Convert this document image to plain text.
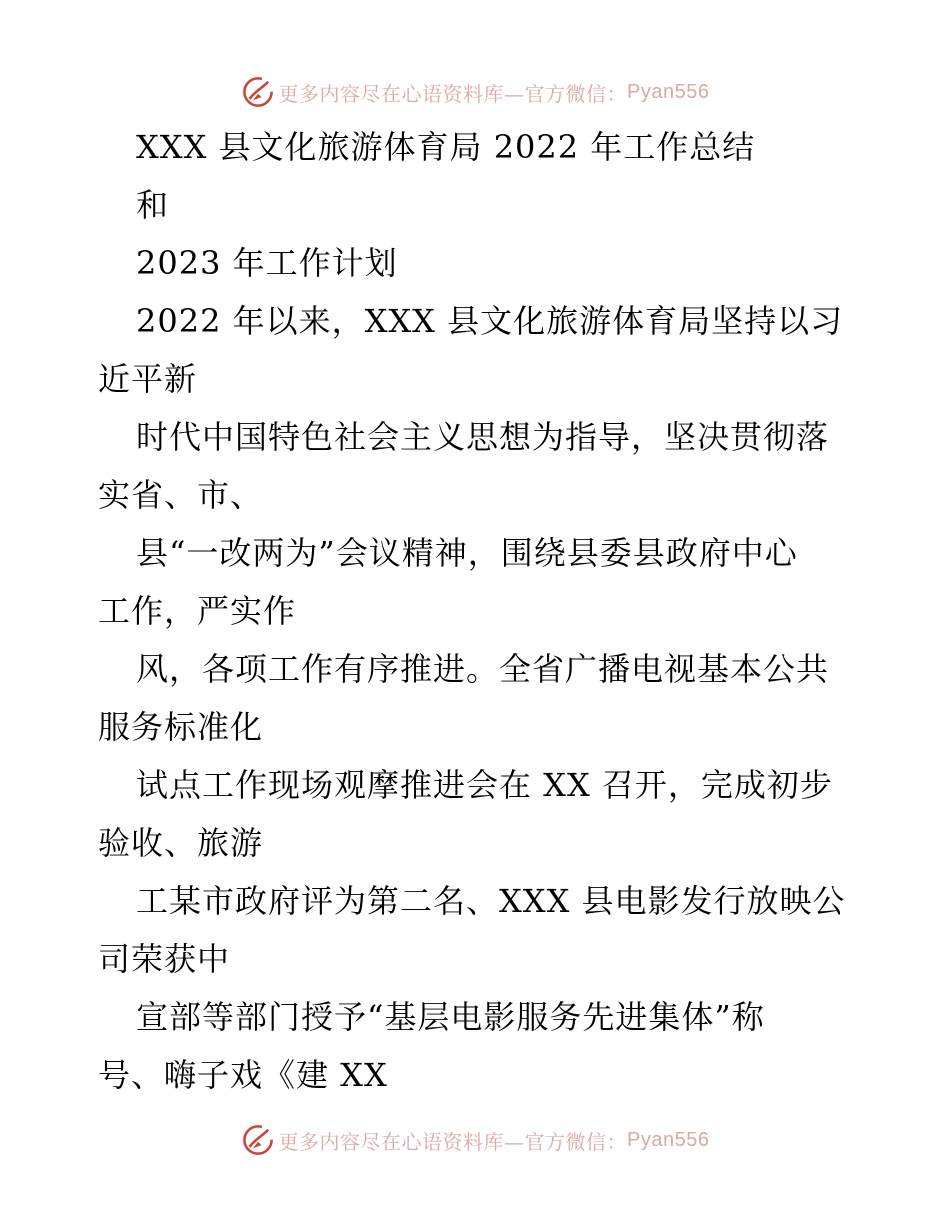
更多内容尽在心语资料库—官方微信： Pyan556
XXX 县文化旅游体育局 2022 年工作总结
和
2023 年工作计划
2022 年以来，XXX 县文化旅游体育局坚持以习
近平新
时代中国特色社会主义思想为指导，坚决贯彻落
实省、市、
县“一改两为”会议精神，围绕县委县政府中心
工作，严实作
风，各项工作有序推进。全省广播电视基本公共
服务标准化
试点工作现场观摩推进会在 XX 召开，完成初步
验收、旅游
工某市政府评为第二名、XXX 县电影发行放映公
司荣获中
宣部等部门授予“基层电影服务先进集体”称
号、嗨子戏《建 XX
更多内容尽在心语资料库—官方微信： Pyan556
